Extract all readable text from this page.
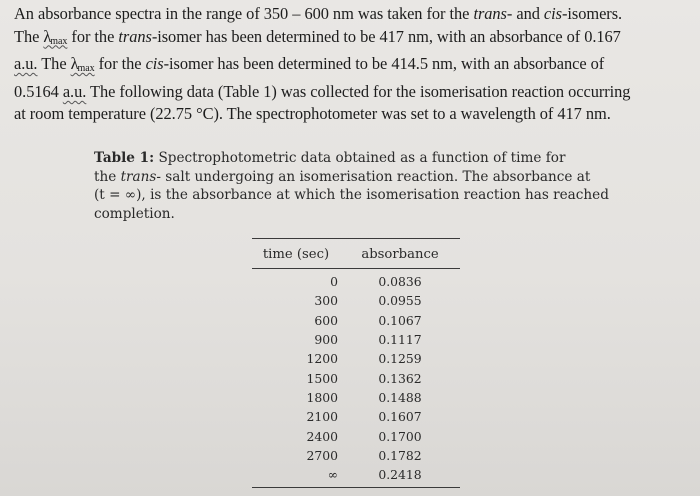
An absorbance spectra in the range of 350 – 600 nm was taken for the trans- and cis-isomers.
The $\lambda_{max}$ for the trans-isomer has been determined to be 417 nm, with an absorbance of 0.167
a.u. The $\lambda_{max}$ for the cis-isomer has been determined to be 414.5 nm, with an absorbance of
0.5164 a.u. The following data (Table 1) was collected for the isomerisation reaction occurring
at room temperature (22.75 °C). The spectrophotometer was set to a wavelength of 417 nm.
Table 1: Spectrophotometric data obtained as a function of time for
the trans- salt undergoing an isomerisation reaction. The absorbance at
(t = ∞), is the absorbance at which the isomerisation reaction has reached
completion.
time (sec)	absorbance
0	0.0836
300	0.0955
600	0.1067
900	0.1117
1200	0.1259
1500	0.1362
1800	0.1488
2100	0.1607
2400	0.1700
2700	0.1782
∞	0.2418
